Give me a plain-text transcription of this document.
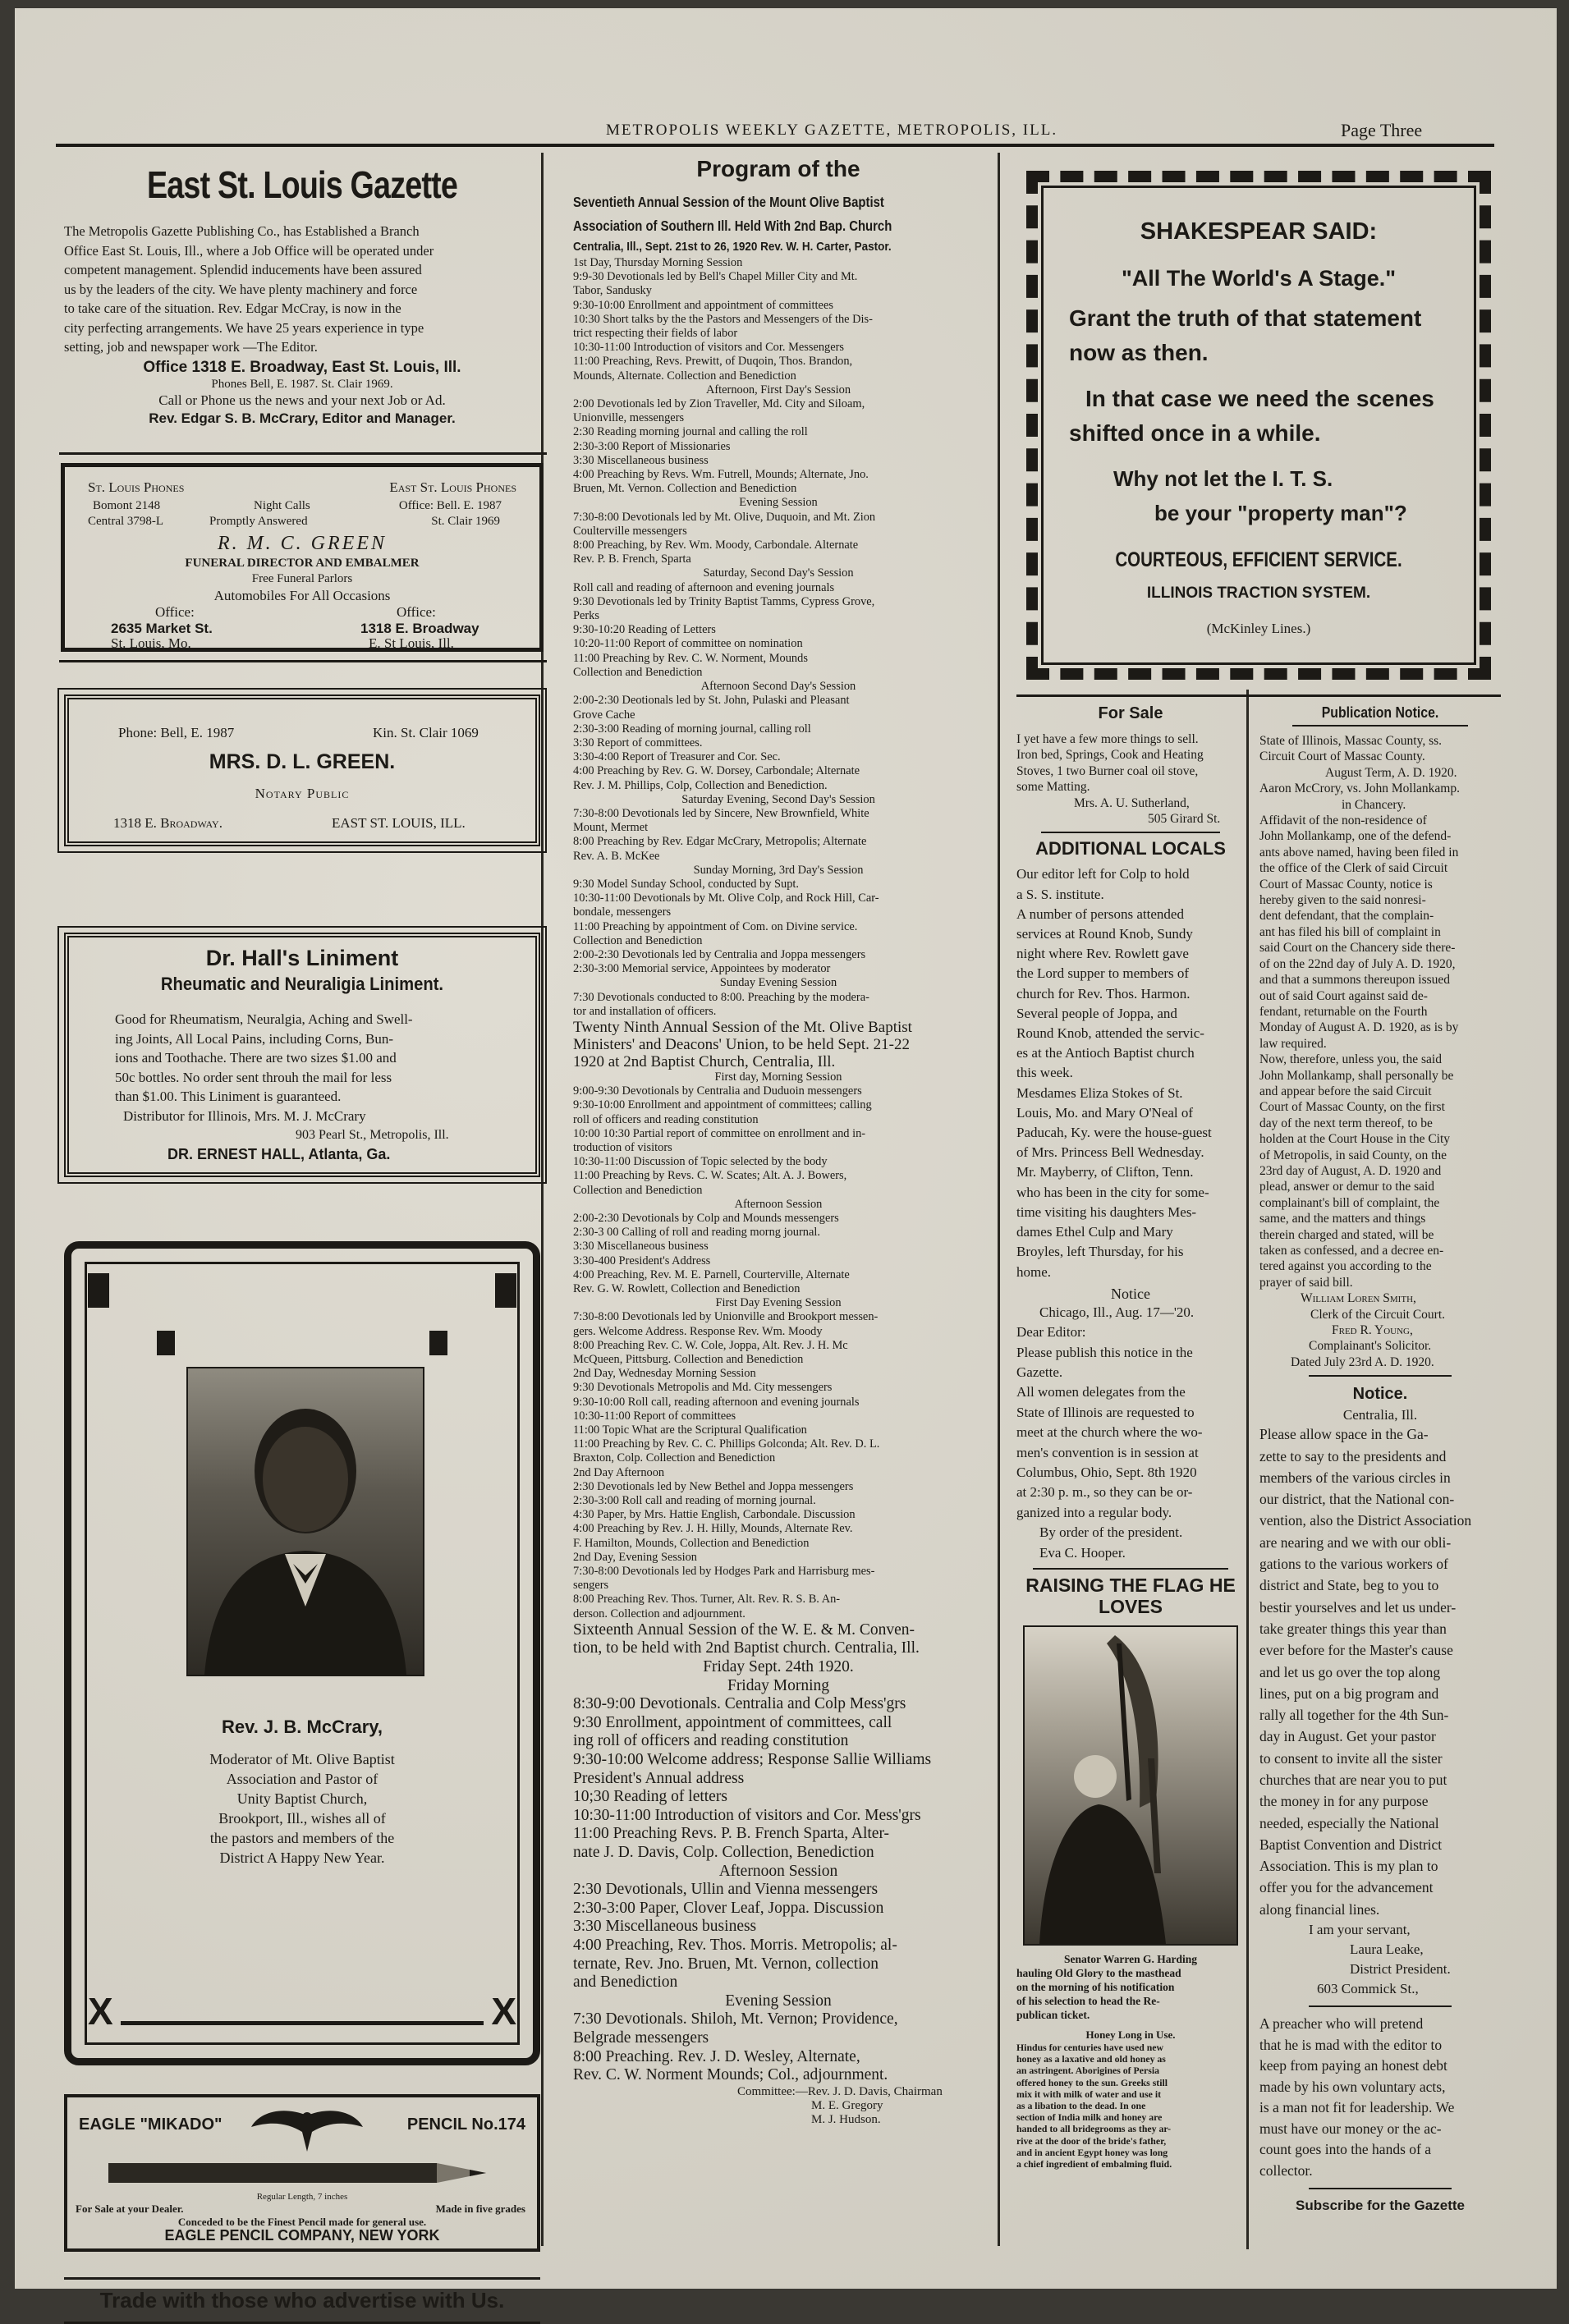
METROPOLIS WEEKLY GAZETTE, METROPOLIS, ILL.	Page Three
East St. Louis Gazette

The Metropolis Gazette Publishing Co., has Established a Branch

Office East St. Louis, Ill., where a Job Office will be operated under

competent management. Splendid inducements have been assured

us by the leaders of the city. We have plenty machinery and force

to take care of the situation. Rev. Edgar McCray, is now in the

city perfecting arrangements. We have 25 years experience in type

setting, job and newspaper work —The Editor.

Office 1318 E. Broadway, East St. Louis, Ill.
Phones Bell, E. 1987. St. Clair 1969.
Call or Phone us the news and your next Job or Ad.
Rev. Edgar S. B. McCrary, Editor and Manager.
St. Louis Phones	East St. Louis Phones
Bomont 2148	Night Calls	Office: Bell. E. 1987
Central 3798-L	Promptly Answered	St. Clair 1969
R. M. C. GREEN
FUNERAL DIRECTOR AND EMBALMER
Free Funeral Parlors
Automobiles For All Occasions
Office:	Office:
2635 Market St.	1318 E. Broadway
St. Louis, Mo.	E. St Louis, Ill.
Phone: Bell, E. 1987	Kin. St. Clair 1069
MRS. D. L. GREEN.
Notary Public
1318 E. Broadway.	EAST ST. LOUIS, ILL.
Dr. Hall's Liniment
Rheumatic and Neuraligia Liniment.

Good for Rheumatism, Neuralgia, Aching and Swell-

ing Joints, All Local Pains, including Corns, Bun-

ions and Toothache. There are two sizes $1.00 and

50c bottles. No order sent throuh the mail for less

than $1.00. This Liniment is guaranteed.

Distributor for Illinois, Mrs. M. J. McCrary

903 Pearl St., Metropolis, Ill.

DR. ERNEST HALL, Atlanta, Ga.
X	X
Rev. J. B. McCrary,
Moderator of Mt. Olive Baptist
Association and Pastor of
Unity Baptist Church,
Brookport, Ill., wishes all of
the pastors and members of the
District A Happy New Year.
EAGLE "MIKADO"	PENCIL No.174
Regular Length, 7 inches
For Sale at your Dealer.	Made in five grades
Conceded to be the Finest Pencil made for general use.
EAGLE PENCIL COMPANY, NEW YORK
Trade with those who advertise with Us.
Program of the

Seventieth Annual Session of the Mount Olive Baptist

Association of Southern Ill. Held With 2nd Bap. Church

Centralia, Ill., Sept. 21st to 26, 1920 Rev. W. H. Carter, Pastor.

1st Day, Thursday Morning Session

9:9-30 Devotionals led by Bell's Chapel Miller City and Mt.

Tabor, Sandusky

9:30-10:00 Enrollment and appointment of committees

10:30 Short talks by the the Pastors and Messengers of the Dis-

trict respecting their fields of labor

10:30-11:00 Introduction of visitors and Cor. Messengers

11:00 Preaching, Revs. Prewitt, of Duqoin, Thos. Brandon,

Mounds, Alternate. Collection and Benediction

Afternoon, First Day's Session

2:00 Devotionals led by Zion Traveller, Md. City and Siloam,

Unionville, messengers

2:30 Reading morning journal and calling the roll

2:30-3:00 Report of Missionaries

3:30 Miscellaneous business

4:00 Preaching by Revs. Wm. Futrell, Mounds; Alternate, Jno.

Bruen, Mt. Vernon. Collection and Benediction

Evening Session

7:30-8:00 Devotionals led by Mt. Olive, Duquoin, and Mt. Zion

Coulterville messengers

8:00 Preaching, by Rev. Wm. Moody, Carbondale. Alternate

Rev. P. B. French, Sparta

Saturday, Second Day's Session

Roll call and reading of afternoon and evening journals

9:30 Devotionals led by Trinity Baptist Tamms, Cypress Grove,

Perks

9:30-10:20 Reading of Letters

10:20-11:00 Report of committee on nomination

11:00 Preaching by Rev. C. W. Norment, Mounds

Collection and Benediction

Afternoon Second Day's Session

2:00-2:30 Deotionals led by St. John, Pulaski and Pleasant

Grove Cache

2:30-3:00 Reading of morning journal, calling roll

3:30 Report of committees.

3:30-4:00 Report of Treasurer and Cor. Sec.

4:00 Preaching by Rev. G. W. Dorsey, Carbondale; Alternate

Rev. J. M. Phillips, Colp, Collection and Benediction.

Saturday Evening, Second Day's Session

7:30-8:00 Devotionals led by Sincere, New Brownfield, White

Mount, Mermet

8:00 Preaching by Rev. Edgar McCrary, Metropolis; Alternate

Rev. A. B. McKee

Sunday Morning, 3rd Day's Session

9:30 Model Sunday School, conducted by Supt.

10:30-11:00 Devotionals by Mt. Olive Colp, and Rock Hill, Car-

bondale, messengers

11:00 Preaching by appointment of Com. on Divine service.

Collection and Benediction

2:00-2:30 Devotionals led by Centralia and Joppa messengers

2:30-3:00 Memorial service, Appointees by moderator

Sunday Evening Session

7:30 Devotionals conducted to 8:00. Preaching by the modera-

tor and installation of officers.

Twenty Ninth Annual Session of the Mt. Olive Baptist

Ministers' and Deacons' Union, to be held Sept. 21-22

1920 at 2nd Baptist Church, Centralia, Ill.

First day, Morning Session

9:00-9:30 Devotionals by Centralia and Duduoin messengers

9:30-10:00 Enrollment and appointment of committees; calling

roll of officers and reading constitution

10:00 10:30 Partial report of committee on enrollment and in-

troduction of visitors

10:30-11:00 Discussion of Topic selected by the body

11:00 Preaching by Revs. C. W. Scates; Alt. A. J. Bowers,

Collection and Benediction

Afternoon Session

2:00-2:30 Devotionals by Colp and Mounds messengers

2:30-3 00 Calling of roll and reading morng journal.

3:30 Miscellaneous business

3:30-400 President's Address

4:00 Preaching, Rev. M. E. Parnell, Courterville, Alternate

Rev. G. W. Rowlett, Collection and Benediction

First Day Evening Session

7:30-8:00 Devotionals led by Unionville and Brookport messen-

gers. Welcome Address. Response Rev. Wm. Moody

8:00 Preaching Rev. C. W. Cole, Joppa, Alt. Rev. J. H. Mc

McQueen, Pittsburg. Collection and Benediction

2nd Day, Wednesday Morning Session

9:30 Devotionals Metropolis and Md. City messengers

9:30-10:00 Roll call, reading afternoon and evening journals

10:30-11:00 Report of committees

11:00 Topic What are the Scriptural Qualification

11:00 Preaching by Rev. C. C. Phillips Golconda; Alt. Rev. D. L.

Braxton, Colp. Collection and Benediction

2nd Day Afternoon

2:30 Devotionals led by New Bethel and Joppa messengers

2:30-3:00 Roll call and reading of morning journal.

4:30 Paper, by Mrs. Hattie English, Carbondale. Discussion

4:00 Preaching by Rev. J. H. Hilly, Mounds, Alternate Rev.

F. Hamilton, Mounds, Collection and Benediction

2nd Day, Evening Session

7:30-8:00 Devotionals led by Hodges Park and Harrisburg mes-

sengers

8:00 Preaching Rev. Thos. Turner, Alt. Rev. R. S. B. An-

derson. Collection and adjournment.

Sixteenth Annual Session of the W. E. & M. Conven-

tion, to be held with 2nd Baptist church. Centralia, Ill.

Friday Sept. 24th 1920.

Friday Morning

8:30-9:00 Devotionals. Centralia and Colp Mess'grs

9:30 Enrollment, appointment of committees, call

ing roll of officers and reading constitution

9:30-10:00 Welcome address; Response Sallie Williams

President's Annual address

10;30 Reading of letters

10:30-11:00 Introduction of visitors and Cor. Mess'grs

11:00 Preaching Revs. P. B. French Sparta, Alter-

nate J. D. Davis, Colp. Collection, Benediction

Afternoon Session

2:30 Devotionals, Ullin and Vienna messengers

2:30-3:00 Paper, Clover Leaf, Joppa. Discussion

3:30 Miscellaneous business

4:00 Preaching, Rev. Thos. Morris. Metropolis; al-

ternate, Rev. Jno. Bruen, Mt. Vernon, collection

and Benediction

Evening Session

7:30 Devotionals. Shiloh, Mt. Vernon; Providence,

Belgrade messengers

8:00 Preaching. Rev. J. D. Wesley, Alternate,

Rev. C. W. Norment Mounds; Col., adjournment.

Committee:—Rev. J. D. Davis, Chairman
M. E. Gregory
M. J. Hudson.
SHAKESPEAR SAID:
"All The World's A Stage."
Grant the truth of that statement
now as then.
In that case we need the scenes
shifted once in a while.
Why not let the I. T. S.
be your "property man"?
COURTEOUS, EFFICIENT SERVICE.
ILLINOIS TRACTION SYSTEM.
(McKinley Lines.)
For Sale

I yet have a few more things to sell.

Iron bed, Springs, Cook and Heating

Stoves, 1 two Burner coal oil stove,

some Matting.

Mrs. A. U. Sutherland,

505 Girard St.

ADDITIONAL LOCALS

Our editor left for Colp to hold

a S. S. institute.

A number of persons attended

services at Round Knob, Sundy

night where Rev. Rowlett gave

the Lord supper to members of

church for Rev. Thos. Harmon.

Several people of Joppa, and

Round Knob, attended the servic-

es at the Antioch Baptist church

this week.

Mesdames Eliza Stokes of St.

Louis, Mo. and Mary O'Neal of

Paducah, Ky. were the house-guest

of Mrs. Princess Bell Wednesday.

Mr. Mayberry, of Clifton, Tenn.

who has been in the city for some-

time visiting his daughters Mes-

dames Ethel Culp and Mary

Broyles, left Thursday, for his

home.

Notice

Chicago, Ill., Aug. 17—'20.

Dear Editor:

Please publish this notice in the

Gazette.

All women delegates from the

State of Illinois are requested to

meet at the church where the wo-

men's convention is in session at

Columbus, Ohio, Sept. 8th 1920

at 2:30 p. m., so they can be or-

ganized into a regular body.

By order of the president.

Eva C. Hooper.

RAISING THE FLAG HE
LOVES

Senator Warren G. Harding

hauling Old Glory to the masthead

on the morning of his notification

of his selection to head the Re-

publican ticket.

Honey Long in Use.

Hindus for centuries have used new

honey as a laxative and old honey as

an astringent. Aborigines of Persia

offered honey to the sun. Greeks still

mix it with milk of water and use it

as a libation to the dead. In one

section of India milk and honey are

handed to all bridegrooms as they ar-

rive at the door of the bride's father,

and in ancient Egypt honey was long

a chief ingredient of embalming fluid.

Publication Notice.

State of Illinois, Massac County, ss.

Circuit Court of Massac County.

August Term, A. D. 1920.

Aaron McCrory, vs. John Mollankamp.

in Chancery.

Affidavit of the non-residence of

John Mollankamp, one of the defend-

ants above named, having been filed in

the office of the Clerk of said Circuit

Court of Massac County, notice is

hereby given to the said nonresi-

dent defendant, that the complain-

ant has filed his bill of complaint in

said Court on the Chancery side there-

of on the 22nd day of July A. D. 1920,

and that a summons thereupon issued

out of said Court against said de-

fendant, returnable on the Fourth

Monday of August A. D. 1920, as is by

law required.

Now, therefore, unless you, the said

John Mollankamp, shall personally be

and appear before the said Circuit

Court of Massac County, on the first

day of the next term thereof, to be

holden at the Court House in the City

of Metropolis, in said County, on the

23rd day of August, A. D. 1920 and

plead, answer or demur to the said

complainant's bill of complaint, the

same, and the matters and things

therein charged and stated, will be

taken as confessed, and a decree en-

tered against you according to the

prayer of said bill.

William Loren Smith,

Clerk of the Circuit Court.

Fred R. Young,

Complainant's Solicitor.

Dated July 23rd A. D. 1920.

Notice.
Centralia, Ill.

Please allow space in the Ga-

zette to say to the presidents and

members of the various circles in

our district, that the National con-

vention, also the District Association

are nearing and we with our obli-

gations to the various workers of

district and State, beg to you to

bestir yourselves and let us under-

take greater things this year than

ever before for the Master's cause

and let us go over the top along

lines, put on a big program and

rally all together for the 4th Sun-

day in August. Get your pastor

to consent to invite all the sister

churches that are near you to put

the money in for any purpose

needed, especially the National

Baptist Convention and District

Association. This is my plan to

offer you for the advancement

along financial lines.

I am your servant,

Laura Leake,

District President.

603 Commick St.,

A preacher who will pretend

that he is mad with the editor to

keep from paying an honest debt

made by his own voluntary acts,

is a man not fit for leadership. We

must have our money or the ac-

count goes into the hands of a

collector.

Subscribe for the Gazette
